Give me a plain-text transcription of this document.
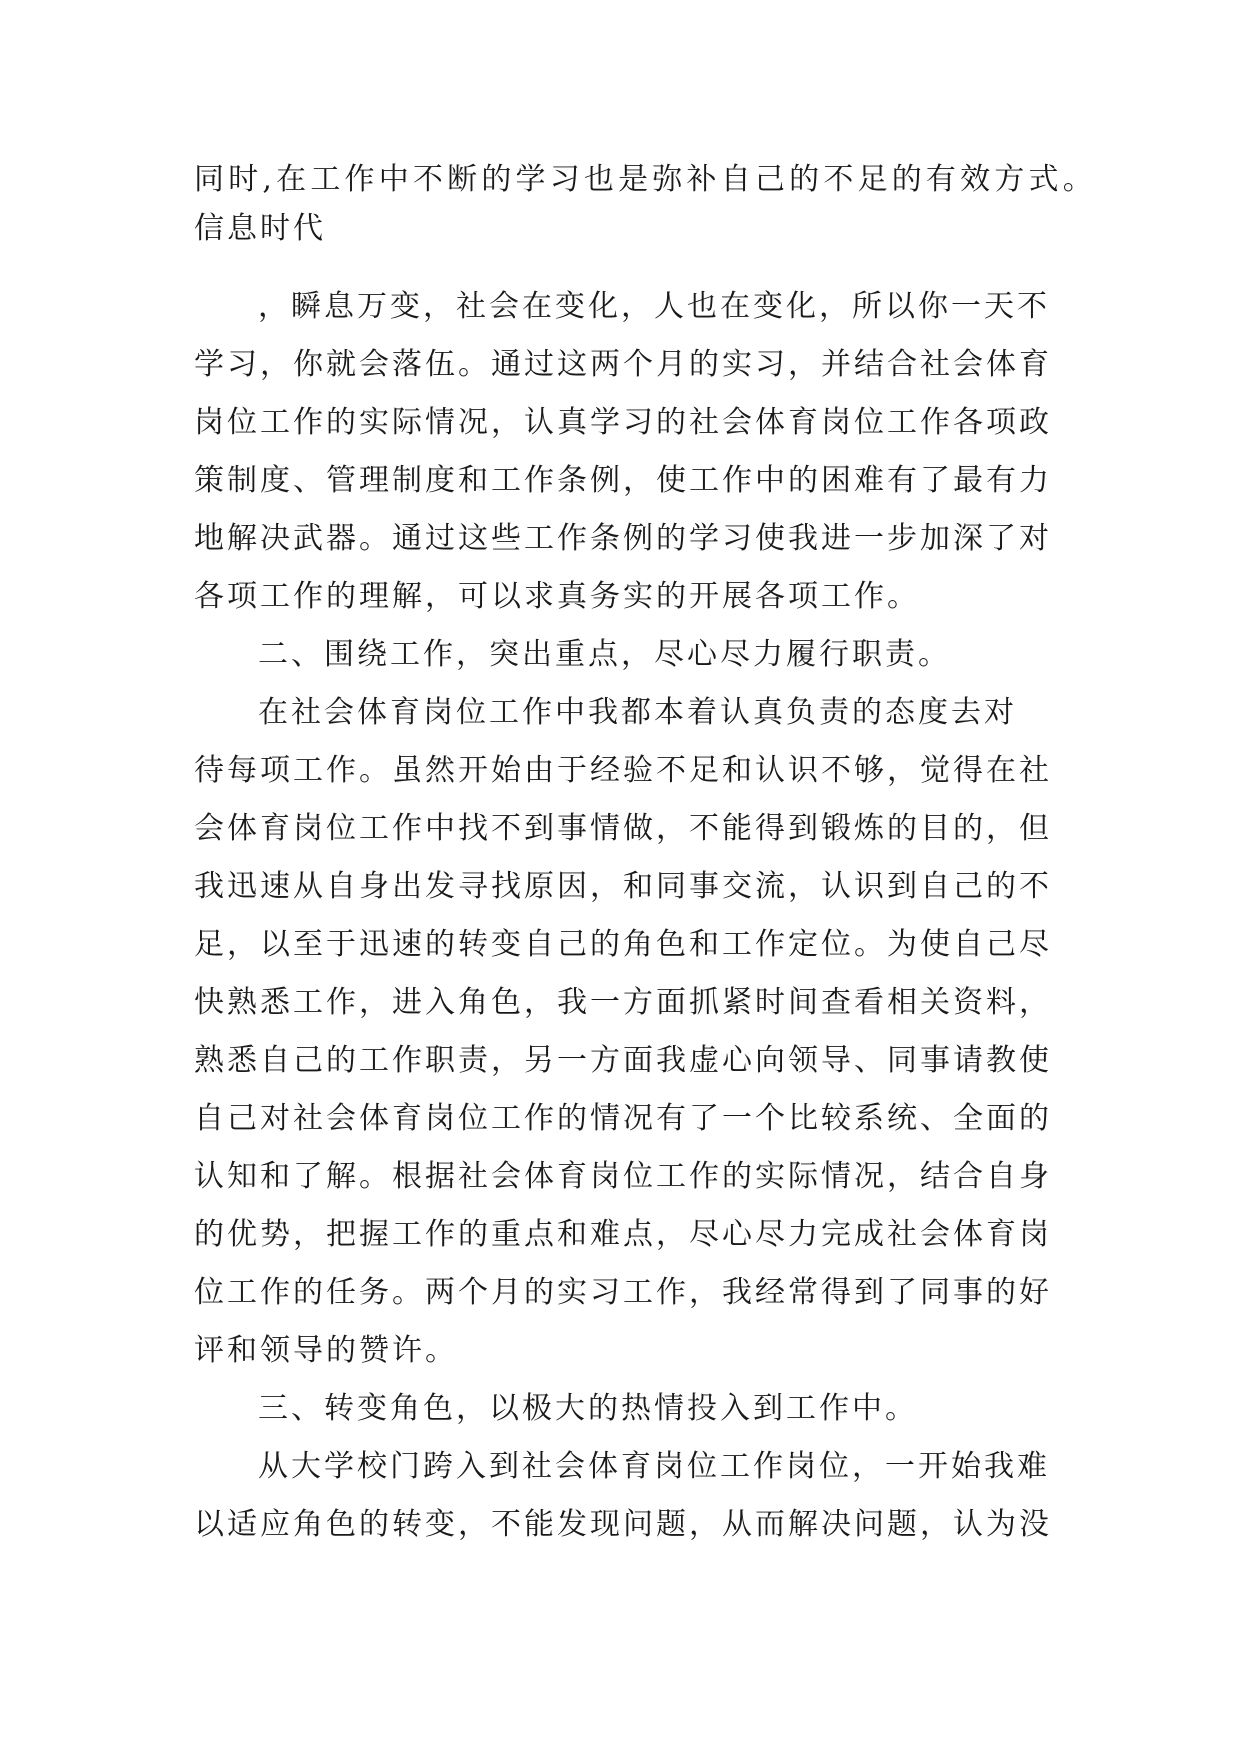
同时,在工作中不断的学习也是弥补自己的不足的有效方式。
信息时代
，瞬息万变，社会在变化，人也在变化，所以你一天不
学习，你就会落伍。通过这两个月的实习，并结合社会体育
岗位工作的实际情况，认真学习的社会体育岗位工作各项政
策制度、管理制度和工作条例，使工作中的困难有了最有力
地解决武器。通过这些工作条例的学习使我进一步加深了对
各项工作的理解，可以求真务实的开展各项工作。
二、围绕工作，突出重点，尽心尽力履行职责。
在社会体育岗位工作中我都本着认真负责的态度去对
待每项工作。虽然开始由于经验不足和认识不够，觉得在社
会体育岗位工作中找不到事情做，不能得到锻炼的目的，但
我迅速从自身出发寻找原因，和同事交流，认识到自己的不
足，以至于迅速的转变自己的角色和工作定位。为使自己尽
快熟悉工作，进入角色，我一方面抓紧时间查看相关资料，
熟悉自己的工作职责，另一方面我虚心向领导、同事请教使
自己对社会体育岗位工作的情况有了一个比较系统、全面的
认知和了解。根据社会体育岗位工作的实际情况，结合自身
的优势，把握工作的重点和难点，尽心尽力完成社会体育岗
位工作的任务。两个月的实习工作，我经常得到了同事的好
评和领导的赞许。
三、转变角色，以极大的热情投入到工作中。
从大学校门跨入到社会体育岗位工作岗位，一开始我难
以适应角色的转变，不能发现问题，从而解决问题，认为没
